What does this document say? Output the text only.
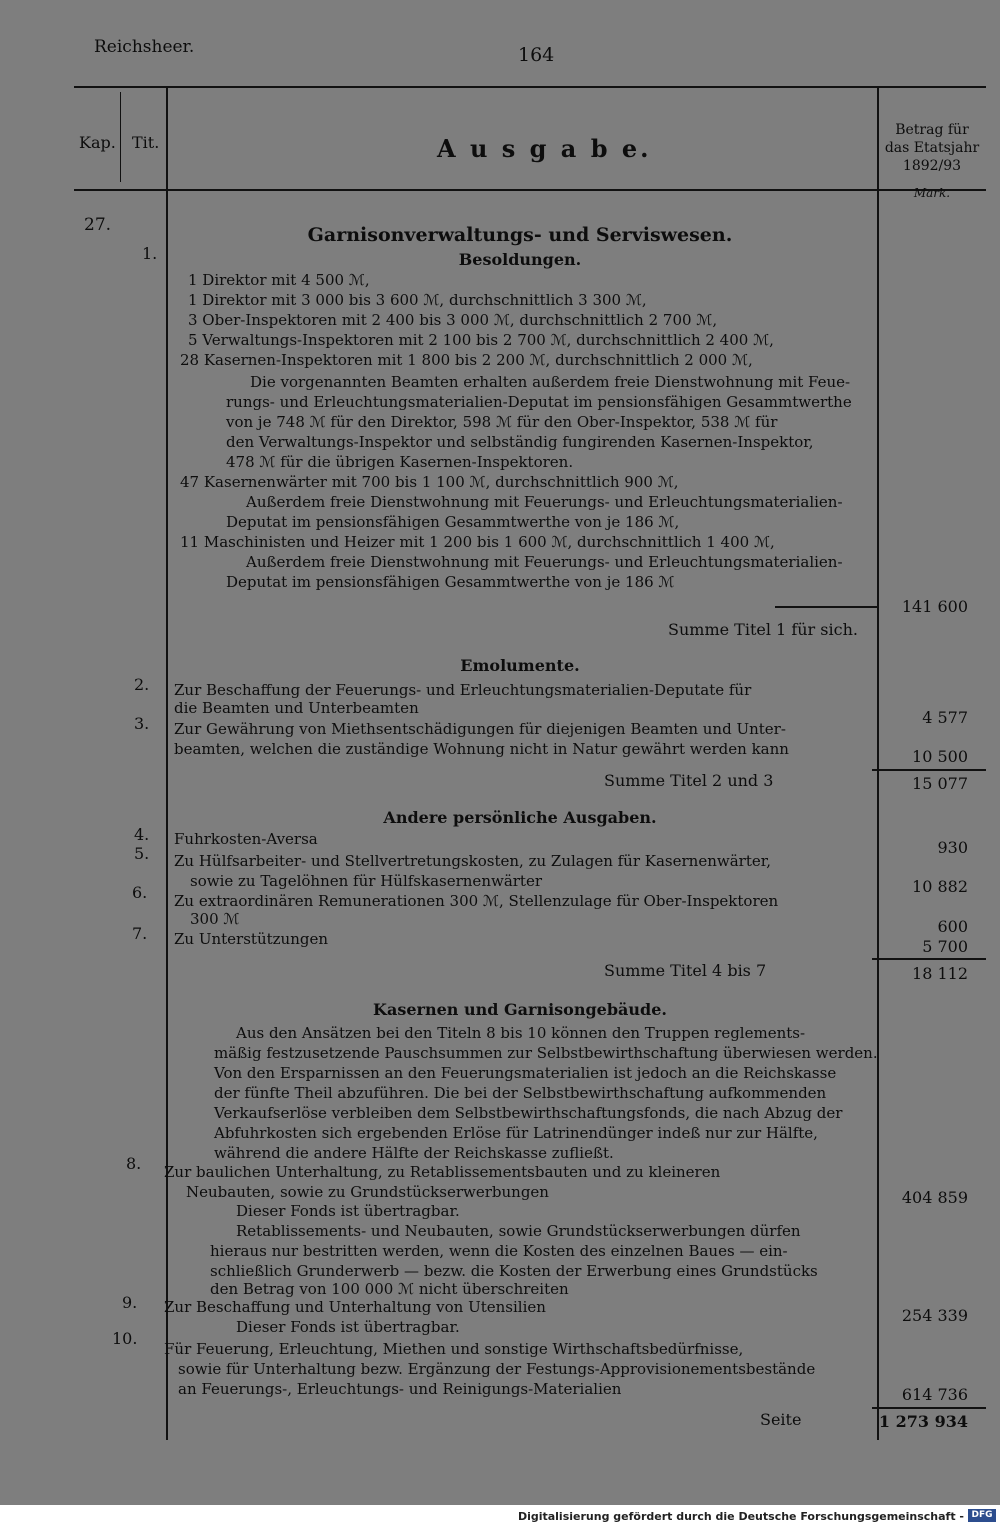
Reichsheer.	164
Kap. Tit.	A u s g a b e.
Betrag für
das Etatsjahr
1892/93
Mark.
27.	Garnisonverwaltungs- und Serviswesen.
Besoldungen.
1.
1 Direktor mit 4 500 ℳ,
1 Direktor mit 3 000 bis 3 600 ℳ, durchschnittlich 3 300 ℳ,
3 Ober-Inspektoren mit 2 400 bis 3 000 ℳ, durchschnittlich 2 700 ℳ,
5 Verwaltungs-Inspektoren mit 2 100 bis 2 700 ℳ, durchschnittlich 2 400 ℳ,
28 Kasernen-Inspektoren mit 1 800 bis 2 200 ℳ, durchschnittlich 2 000 ℳ,
Die vorgenannten Beamten erhalten außerdem freie Dienstwohnung mit Feue-
rungs- und Erleuchtungsmaterialien-Deputat im pensionsfähigen Gesammtwerthe
von je 748 ℳ für den Direktor, 598 ℳ für den Ober-Inspektor, 538 ℳ für
den Verwaltungs-Inspektor und selbständig fungirenden Kasernen-Inspektor,
478 ℳ für die übrigen Kasernen-Inspektoren.
47 Kasernenwärter mit 700 bis 1 100 ℳ, durchschnittlich 900 ℳ,
Außerdem freie Dienstwohnung mit Feuerungs- und Erleuchtungsmaterialien-
Deputat im pensionsfähigen Gesammtwerthe von je 186 ℳ,
11 Maschinisten und Heizer mit 1 200 bis 1 600 ℳ, durchschnittlich 1 400 ℳ,
Außerdem freie Dienstwohnung mit Feuerungs- und Erleuchtungsmaterialien-
Deputat im pensionsfähigen Gesammtwerthe von je 186 ℳ
141 600
Summe Titel 1 für sich.
Emolumente.
2. Zur Beschaffung der Feuerungs- und Erleuchtungsmaterialien-Deputate für
die Beamten und Unterbeamten	4 577
3. Zur Gewährung von Miethsentschädigungen für diejenigen Beamten und Unter-
beamten, welchen die zuständige Wohnung nicht in Natur gewährt werden kann	10 500
Summe Titel 2 und 3	15 077
Andere persönliche Ausgaben.
4. Fuhrkosten-Aversa	930
5. Zu Hülfsarbeiter- und Stellvertretungskosten, zu Zulagen für Kasernenwärter,
sowie zu Tagelöhnen für Hülfskasernenwärter	10 882
6. Zu extraordinären Remunerationen 300 ℳ, Stellenzulage für Ober-Inspektoren
300 ℳ	600
7. Zu Unterstützungen	5 700
Summe Titel 4 bis 7	18 112
Kasernen und Garnisongebäude.
Aus den Ansätzen bei den Titeln 8 bis 10 können den Truppen reglements-
mäßig festzusetzende Pauschsummen zur Selbstbewirthschaftung überwiesen werden.
Von den Ersparnissen an den Feuerungsmaterialien ist jedoch an die Reichskasse
der fünfte Theil abzuführen. Die bei der Selbstbewirthschaftung aufkommenden
Verkaufserlöse verbleiben dem Selbstbewirthschaftungsfonds, die nach Abzug der
Abfuhrkosten sich ergebenden Erlöse für Latrinendünger indeß nur zur Hälfte,
während die andere Hälfte der Reichskasse zufließt.
8. Zur baulichen Unterhaltung, zu Retablissementsbauten und zu kleineren
Neubauten, sowie zu Grundstückserwerbungen	404 859
Dieser Fonds ist übertragbar.
Retablissements- und Neubauten, sowie Grundstückserwerbungen dürfen
hieraus nur bestritten werden, wenn die Kosten des einzelnen Baues — ein-
schließlich Grunderwerb — bezw. die Kosten der Erwerbung eines Grundstücks
den Betrag von 100 000 ℳ nicht überschreiten
9. Zur Beschaffung und Unterhaltung von Utensilien	254 339
Dieser Fonds ist übertragbar.
10.
Für Feuerung, Erleuchtung, Miethen und sonstige Wirthschaftsbedürfnisse,
sowie für Unterhaltung bezw. Ergänzung der Festungs-Approvisionementsbestände
an Feuerungs-, Erleuchtungs- und Reinigungs-Materialien	614 736
Seite	1 273 934
Digitalisierung gefördert durch die Deutsche Forschungsgemeinschaft - DFG
